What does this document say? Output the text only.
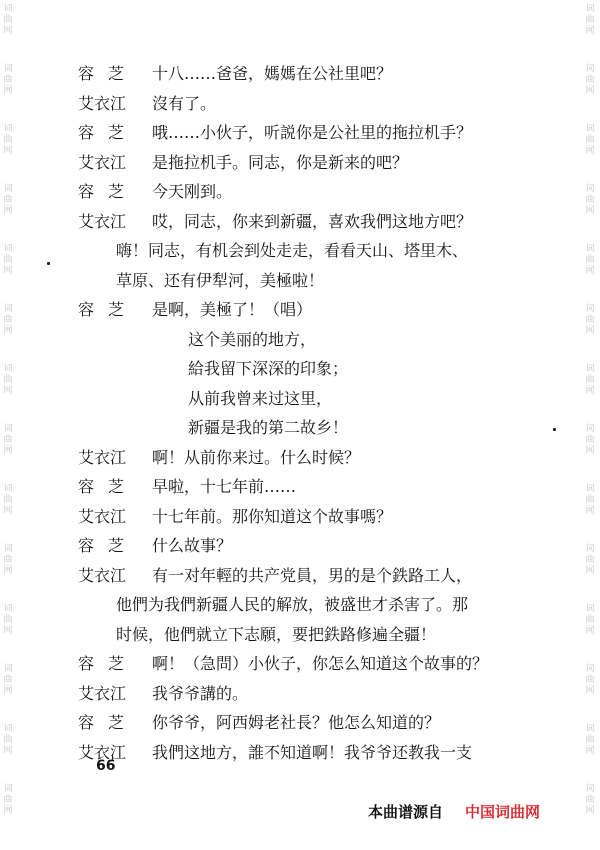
词
曲
网
词
曲
网
词
曲
网
词
曲
网
词
曲
网
词
曲
网
词
曲
网
词
曲
网
词
曲
网
词
曲
网
词
曲
网
词
曲
网
词
曲
网
词
曲
网
词
曲
网
词
曲
网
词
曲
网
词
曲
网
词
曲
网
词
曲
网
词
曲
网
词
曲
网
词
曲
网
词
曲
网
词
曲
网
词
曲
网
词
曲
网
词
曲
网
容芝 十八……爸爸，媽媽在公社里吧？
艾衣江 沒有了。
容芝 哦……小伙子，听説你是公社里的拖拉机手？
艾衣江 是拖拉机手。同志，你是新来的吧？
容芝 今天刚到。
艾衣江 哎，同志，你来到新疆，喜欢我們这地方吧？
嗨！同志，有机会到处走走，看看天山、塔里木、
草原、还有伊犁河，美極啦！
容芝 是啊，美極了！（唱）
这个美丽的地方，
給我留下深深的印象；
从前我曾来过这里，
新疆是我的第二故乡！
艾衣江 啊！从前你来过。什么时候？
容芝 早啦，十七年前……
艾衣江 十七年前。那你知道这个故事嗎？
容芝 什么故事？
艾衣江 有一对年輕的共产党員，男的是个鉄路工人，
他們为我們新疆人民的解放，被盛世才杀害了。那
时候，他們就立下志願，要把鉄路修遍全疆！
容芝 啊！（急問）小伙子，你怎么知道这个故事的？
艾衣江 我爷爷講的。
容芝 你爷爷，阿西姆老社長？他怎么知道的？
艾衣江 我們这地方，誰不知道啊！我爷爷还教我一支
66
本曲谱源自 中国词曲网
